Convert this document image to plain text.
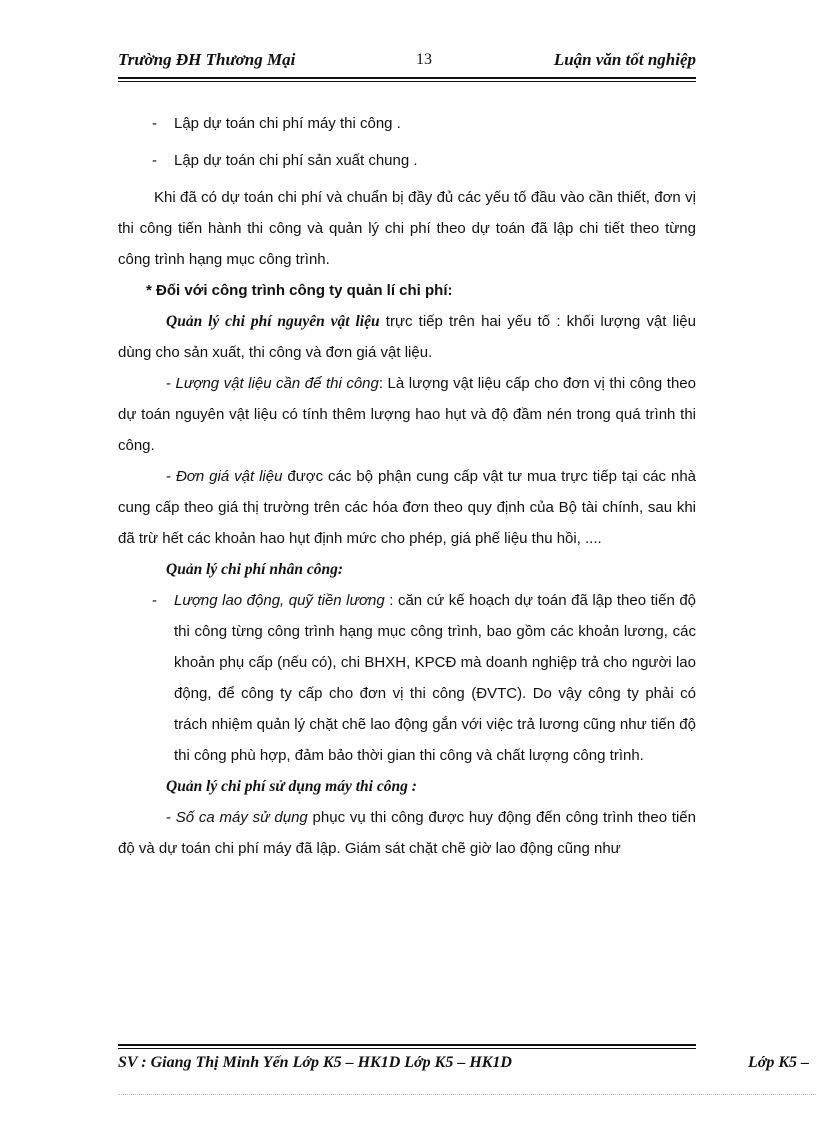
Trường ĐH Thương Mại	13	Luận văn tốt nghiệp

- Lập dự toán chi phí máy thi công .

- Lập dự toán chi phí sản xuất chung .

Khi đã có dự toán chi phí và chuẩn bị đầy đủ các yếu tố đầu vào cần thiết, đơn vị thi công tiến hành thi công và quản lý chi phí theo dự toán đã lập chi tiết theo từng công trình hạng mục công trình.

* Đối với công trình công ty quản lí chi phí:

Quản lý chi phí nguyên vật liệu trực tiếp trên hai yếu tố : khối lượng vật liệu dùng cho sản xuất, thi công và đơn giá vật liệu.

- Lượng vật liệu cần để thi công: Là lượng vật liệu cấp cho đơn vị thi công theo dự toán nguyên vật liệu có tính thêm lượng hao hụt và độ đầm nén trong quá trình thi công.

- Đơn giá vật liệu được các bộ phận cung cấp vật tư mua trực tiếp tại các nhà cung cấp theo giá thị trường trên các hóa đơn theo quy định của Bộ tài chính, sau khi đã trừ hết các khoản hao hụt định mức cho phép, giá phế liệu thu hồi, ....

Quản lý chi phí nhân công:

- Lượng lao động, quỹ tiền lương : căn cứ kế hoạch dự toán đã lập theo tiến độ thi công từng công trình hạng mục công trình, bao gồm các khoản lương, các khoản phụ cấp (nếu có), chi BHXH, KPCĐ mà doanh nghiệp trả cho người lao động, để công ty cấp cho đơn vị thi công (ĐVTC). Do vậy công ty phải có trách nhiệm quản lý chặt chẽ lao động gắn với việc trả lương cũng như tiến độ thi công phù hợp, đảm bảo thời gian thi công và chất lượng công trình.

Quản lý chi phí sử dụng máy thi công :

- Số ca máy sử dụng phục vụ thi công được huy động đến công trình theo tiến độ và dự toán chi phí máy đã lập. Giám sát chặt chẽ giờ lao động cũng như

SV : Giang Thị Minh Yến Lớp K5 – HK1D Lớp K5 – HK1D	Lớp K5 –
